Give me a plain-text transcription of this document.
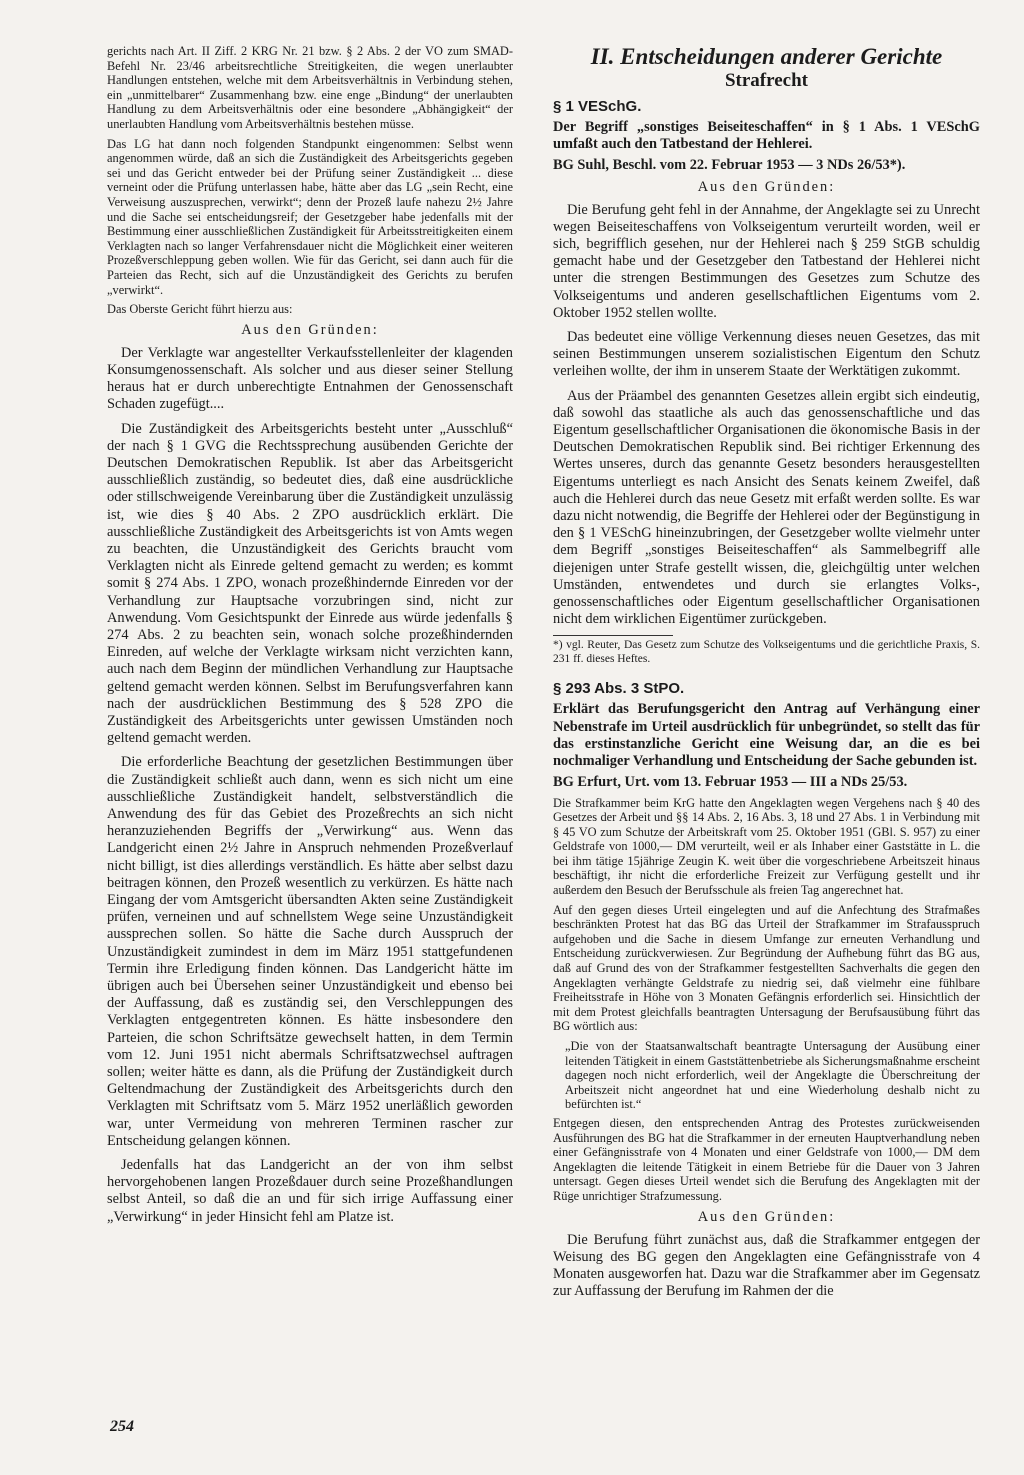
gerichts nach Art. II Ziff. 2 KRG Nr. 21 bzw. § 2 Abs. 2 der VO zum SMAD-Befehl Nr. 23/46 arbeitsrechtliche Streitigkeiten, die wegen unerlaubter Handlungen entstehen, welche mit dem Arbeitsverhältnis in Verbindung stehen, ein „unmittelbarer“ Zusammenhang bzw. eine enge „Bindung“ der unerlaubten Handlung zu dem Arbeitsverhältnis oder eine besondere „Abhängigkeit“ der unerlaubten Handlung vom Arbeitsverhältnis bestehen müsse.

Das LG hat dann noch folgenden Standpunkt eingenommen: Selbst wenn angenommen würde, daß an sich die Zuständigkeit des Arbeitsgerichts gegeben sei und das Gericht entweder bei der Prüfung seiner Zuständigkeit ... diese verneint oder die Prüfung unterlassen habe, hätte aber das LG „sein Recht, eine Verweisung auszusprechen, verwirkt“; denn der Prozeß laufe nahezu 2½ Jahre und die Sache sei entscheidungsreif; der Gesetzgeber habe jedenfalls mit der Bestimmung einer ausschließlichen Zuständigkeit für Arbeitsstreitigkeiten einem Verklagten nach so langer Verfahrensdauer nicht die Möglichkeit einer weiteren Prozeßverschleppung geben wollen. Wie für das Gericht, sei dann auch für die Parteien das Recht, sich auf die Unzuständigkeit des Gerichts zu berufen „verwirkt“.

Das Oberste Gericht führt hierzu aus:

Aus den Gründen:

Der Verklagte war angestellter Verkaufsstellenleiter der klagenden Konsumgenossenschaft. Als solcher und aus dieser seiner Stellung heraus hat er durch unberechtigte Entnahmen der Genossenschaft Schaden zugefügt....

Die Zuständigkeit des Arbeitsgerichts besteht unter „Ausschluß“ der nach § 1 GVG die Rechtssprechung ausübenden Gerichte der Deutschen Demokratischen Republik. Ist aber das Arbeitsgericht ausschließlich zuständig, so bedeutet dies, daß eine ausdrückliche oder stillschweigende Vereinbarung über die Zuständigkeit unzulässig ist, wie dies § 40 Abs. 2 ZPO ausdrücklich erklärt. Die ausschließliche Zuständigkeit des Arbeitsgerichts ist von Amts wegen zu beachten, die Unzuständigkeit des Gerichts braucht vom Verklagten nicht als Einrede geltend gemacht zu werden; es kommt somit § 274 Abs. 1 ZPO, wonach prozeßhindernde Einreden vor der Verhandlung zur Hauptsache vorzubringen sind, nicht zur Anwendung. Vom Gesichtspunkt der Einrede aus würde jedenfalls § 274 Abs. 2 zu beachten sein, wonach solche prozeßhindernden Einreden, auf welche der Verklagte wirksam nicht verzichten kann, auch nach dem Beginn der mündlichen Verhandlung zur Hauptsache geltend gemacht werden können. Selbst im Berufungsverfahren kann nach der ausdrücklichen Bestimmung des § 528 ZPO die Zuständigkeit des Arbeitsgerichts unter gewissen Umständen noch geltend gemacht werden.

Die erforderliche Beachtung der gesetzlichen Bestimmungen über die Zuständigkeit schließt auch dann, wenn es sich nicht um eine ausschließliche Zuständigkeit handelt, selbstverständlich die Anwendung des für das Gebiet des Prozeßrechts an sich nicht heranzuziehenden Begriffs der „Verwirkung“ aus. Wenn das Landgericht einen 2½ Jahre in Anspruch nehmenden Prozeßverlauf nicht billigt, ist dies allerdings verständlich. Es hätte aber selbst dazu beitragen können, den Prozeß wesentlich zu verkürzen. Es hätte nach Eingang der vom Amtsgericht übersandten Akten seine Zuständigkeit prüfen, verneinen und auf schnellstem Wege seine Unzuständigkeit aussprechen sollen. So hätte die Sache durch Ausspruch der Unzuständigkeit zumindest in dem im März 1951 stattgefundenen Termin ihre Erledigung finden können. Das Landgericht hätte im übrigen auch bei Übersehen seiner Unzuständigkeit und ebenso bei der Auffassung, daß es zuständig sei, den Verschleppungen des Verklagten entgegentreten können. Es hätte insbesondere den Parteien, die schon Schriftsätze gewechselt hatten, in dem Termin vom 12. Juni 1951 nicht abermals Schriftsatzwechsel auftragen sollen; weiter hätte es dann, als die Prüfung der Zuständigkeit durch Geltendmachung der Zuständigkeit des Arbeitsgerichts durch den Verklagten mit Schriftsatz vom 5. März 1952 unerläßlich geworden war, unter Vermeidung von mehreren Terminen rascher zur Entscheidung gelangen können.

Jedenfalls hat das Landgericht an der von ihm selbst hervorgehobenen langen Prozeßdauer durch seine Prozeßhandlungen selbst Anteil, so daß die an und für sich irrige Auffassung einer „Verwirkung“ in jeder Hinsicht fehl am Platze ist.

II. Entscheidungen anderer Gerichte

Strafrecht

§ 1 VESchG.

Der Begriff „sonstiges Beiseiteschaffen“ in § 1 Abs. 1 VESchG umfaßt auch den Tatbestand der Hehlerei.

BG Suhl, Beschl. vom 22. Februar 1953 — 3 NDs 26/53*).

Aus den Gründen:

Die Berufung geht fehl in der Annahme, der Angeklagte sei zu Unrecht wegen Beiseiteschaffens von Volkseigentum verurteilt worden, weil er sich, begrifflich gesehen, nur der Hehlerei nach § 259 StGB schuldig gemacht habe und der Gesetzgeber den Tatbestand der Hehlerei nicht unter die strengen Bestimmungen des Gesetzes zum Schutze des Volkseigentums und anderen gesellschaftlichen Eigentums vom 2. Oktober 1952 stellen wollte.

Das bedeutet eine völlige Verkennung dieses neuen Gesetzes, das mit seinen Bestimmungen unserem sozialistischen Eigentum den Schutz verleihen wollte, der ihm in unserem Staate der Werktätigen zukommt.

Aus der Präambel des genannten Gesetzes allein ergibt sich eindeutig, daß sowohl das staatliche als auch das genossenschaftliche und das Eigentum gesellschaftlicher Organisationen die ökonomische Basis in der Deutschen Demokratischen Republik sind. Bei richtiger Erkennung des Wertes unseres, durch das genannte Gesetz besonders herausgestellten Eigentums unterliegt es nach Ansicht des Senats keinem Zweifel, daß auch die Hehlerei durch das neue Gesetz mit erfaßt werden sollte. Es war dazu nicht notwendig, die Begriffe der Hehlerei oder der Begünstigung in den § 1 VESchG hineinzubringen, der Gesetzgeber wollte vielmehr unter dem Begriff „sonstiges Beiseiteschaffen“ als Sammelbegriff alle diejenigen unter Strafe gestellt wissen, die, gleichgültig unter welchen Umständen, entwendetes und durch sie erlangtes Volks-, genossenschaftliches oder Eigentum gesellschaftlicher Organisationen nicht dem wirklichen Eigentümer zurückgeben.

*) vgl. Reuter, Das Gesetz zum Schutze des Volkseigentums und die gerichtliche Praxis, S. 231 ff. dieses Heftes.

§ 293 Abs. 3 StPO.

Erklärt das Berufungsgericht den Antrag auf Verhängung einer Nebenstrafe im Urteil ausdrücklich für unbegründet, so stellt das für das erstinstanzliche Gericht eine Weisung dar, an die es bei nochmaliger Verhandlung und Entscheidung der Sache gebunden ist.

BG Erfurt, Urt. vom 13. Februar 1953 — III a NDs 25/53.

Die Strafkammer beim KrG hatte den Angeklagten wegen Vergehens nach § 40 des Gesetzes der Arbeit und §§ 14 Abs. 2, 16 Abs. 3, 18 und 27 Abs. 1 in Verbindung mit § 45 VO zum Schutze der Arbeitskraft vom 25. Oktober 1951 (GBl. S. 957) zu einer Geldstrafe von 1000,— DM verurteilt, weil er als Inhaber einer Gaststätte in L. die bei ihm tätige 15jährige Zeugin K. weit über die vorgeschriebene Arbeitszeit hinaus beschäftigt, ihr nicht die erforderliche Freizeit zur Verfügung gestellt und ihr außerdem den Besuch der Berufsschule als freien Tag angerechnet hat.

Auf den gegen dieses Urteil eingelegten und auf die Anfechtung des Strafmaßes beschränkten Protest hat das BG das Urteil der Strafkammer im Strafausspruch aufgehoben und die Sache in diesem Umfange zur erneuten Verhandlung und Entscheidung zurückverwiesen. Zur Begründung der Aufhebung führt das BG aus, daß auf Grund des von der Strafkammer festgestellten Sachverhalts die gegen den Angeklagten verhängte Geldstrafe zu niedrig sei, daß vielmehr eine fühlbare Freiheitsstrafe in Höhe von 3 Monaten Gefängnis erforderlich sei. Hinsichtlich der mit dem Protest gleichfalls beantragten Untersagung der Berufsausübung führt das BG wörtlich aus:

„Die von der Staatsanwaltschaft beantragte Untersagung der Ausübung einer leitenden Tätigkeit in einem Gaststättenbetriebe als Sicherungsmaßnahme erscheint dagegen noch nicht erforderlich, weil der Angeklagte die Überschreitung der Arbeitszeit nicht angeordnet hat und eine Wiederholung deshalb nicht zu befürchten ist.“

Entgegen diesen, den entsprechenden Antrag des Protestes zurückweisenden Ausführungen des BG hat die Strafkammer in der erneuten Hauptverhandlung neben einer Gefängnisstrafe von 4 Monaten und einer Geldstrafe von 1000,— DM dem Angeklagten die leitende Tätigkeit in einem Betriebe für die Dauer von 3 Jahren untersagt. Gegen dieses Urteil wendet sich die Berufung des Angeklagten mit der Rüge unrichtiger Strafzumessung.

Aus den Gründen:

Die Berufung führt zunächst aus, daß die Strafkammer entgegen der Weisung des BG gegen den Angeklagten eine Gefängnisstrafe von 4 Monaten ausgeworfen hat. Dazu war die Strafkammer aber im Gegensatz zur Auffassung der Berufung im Rahmen der die

254
